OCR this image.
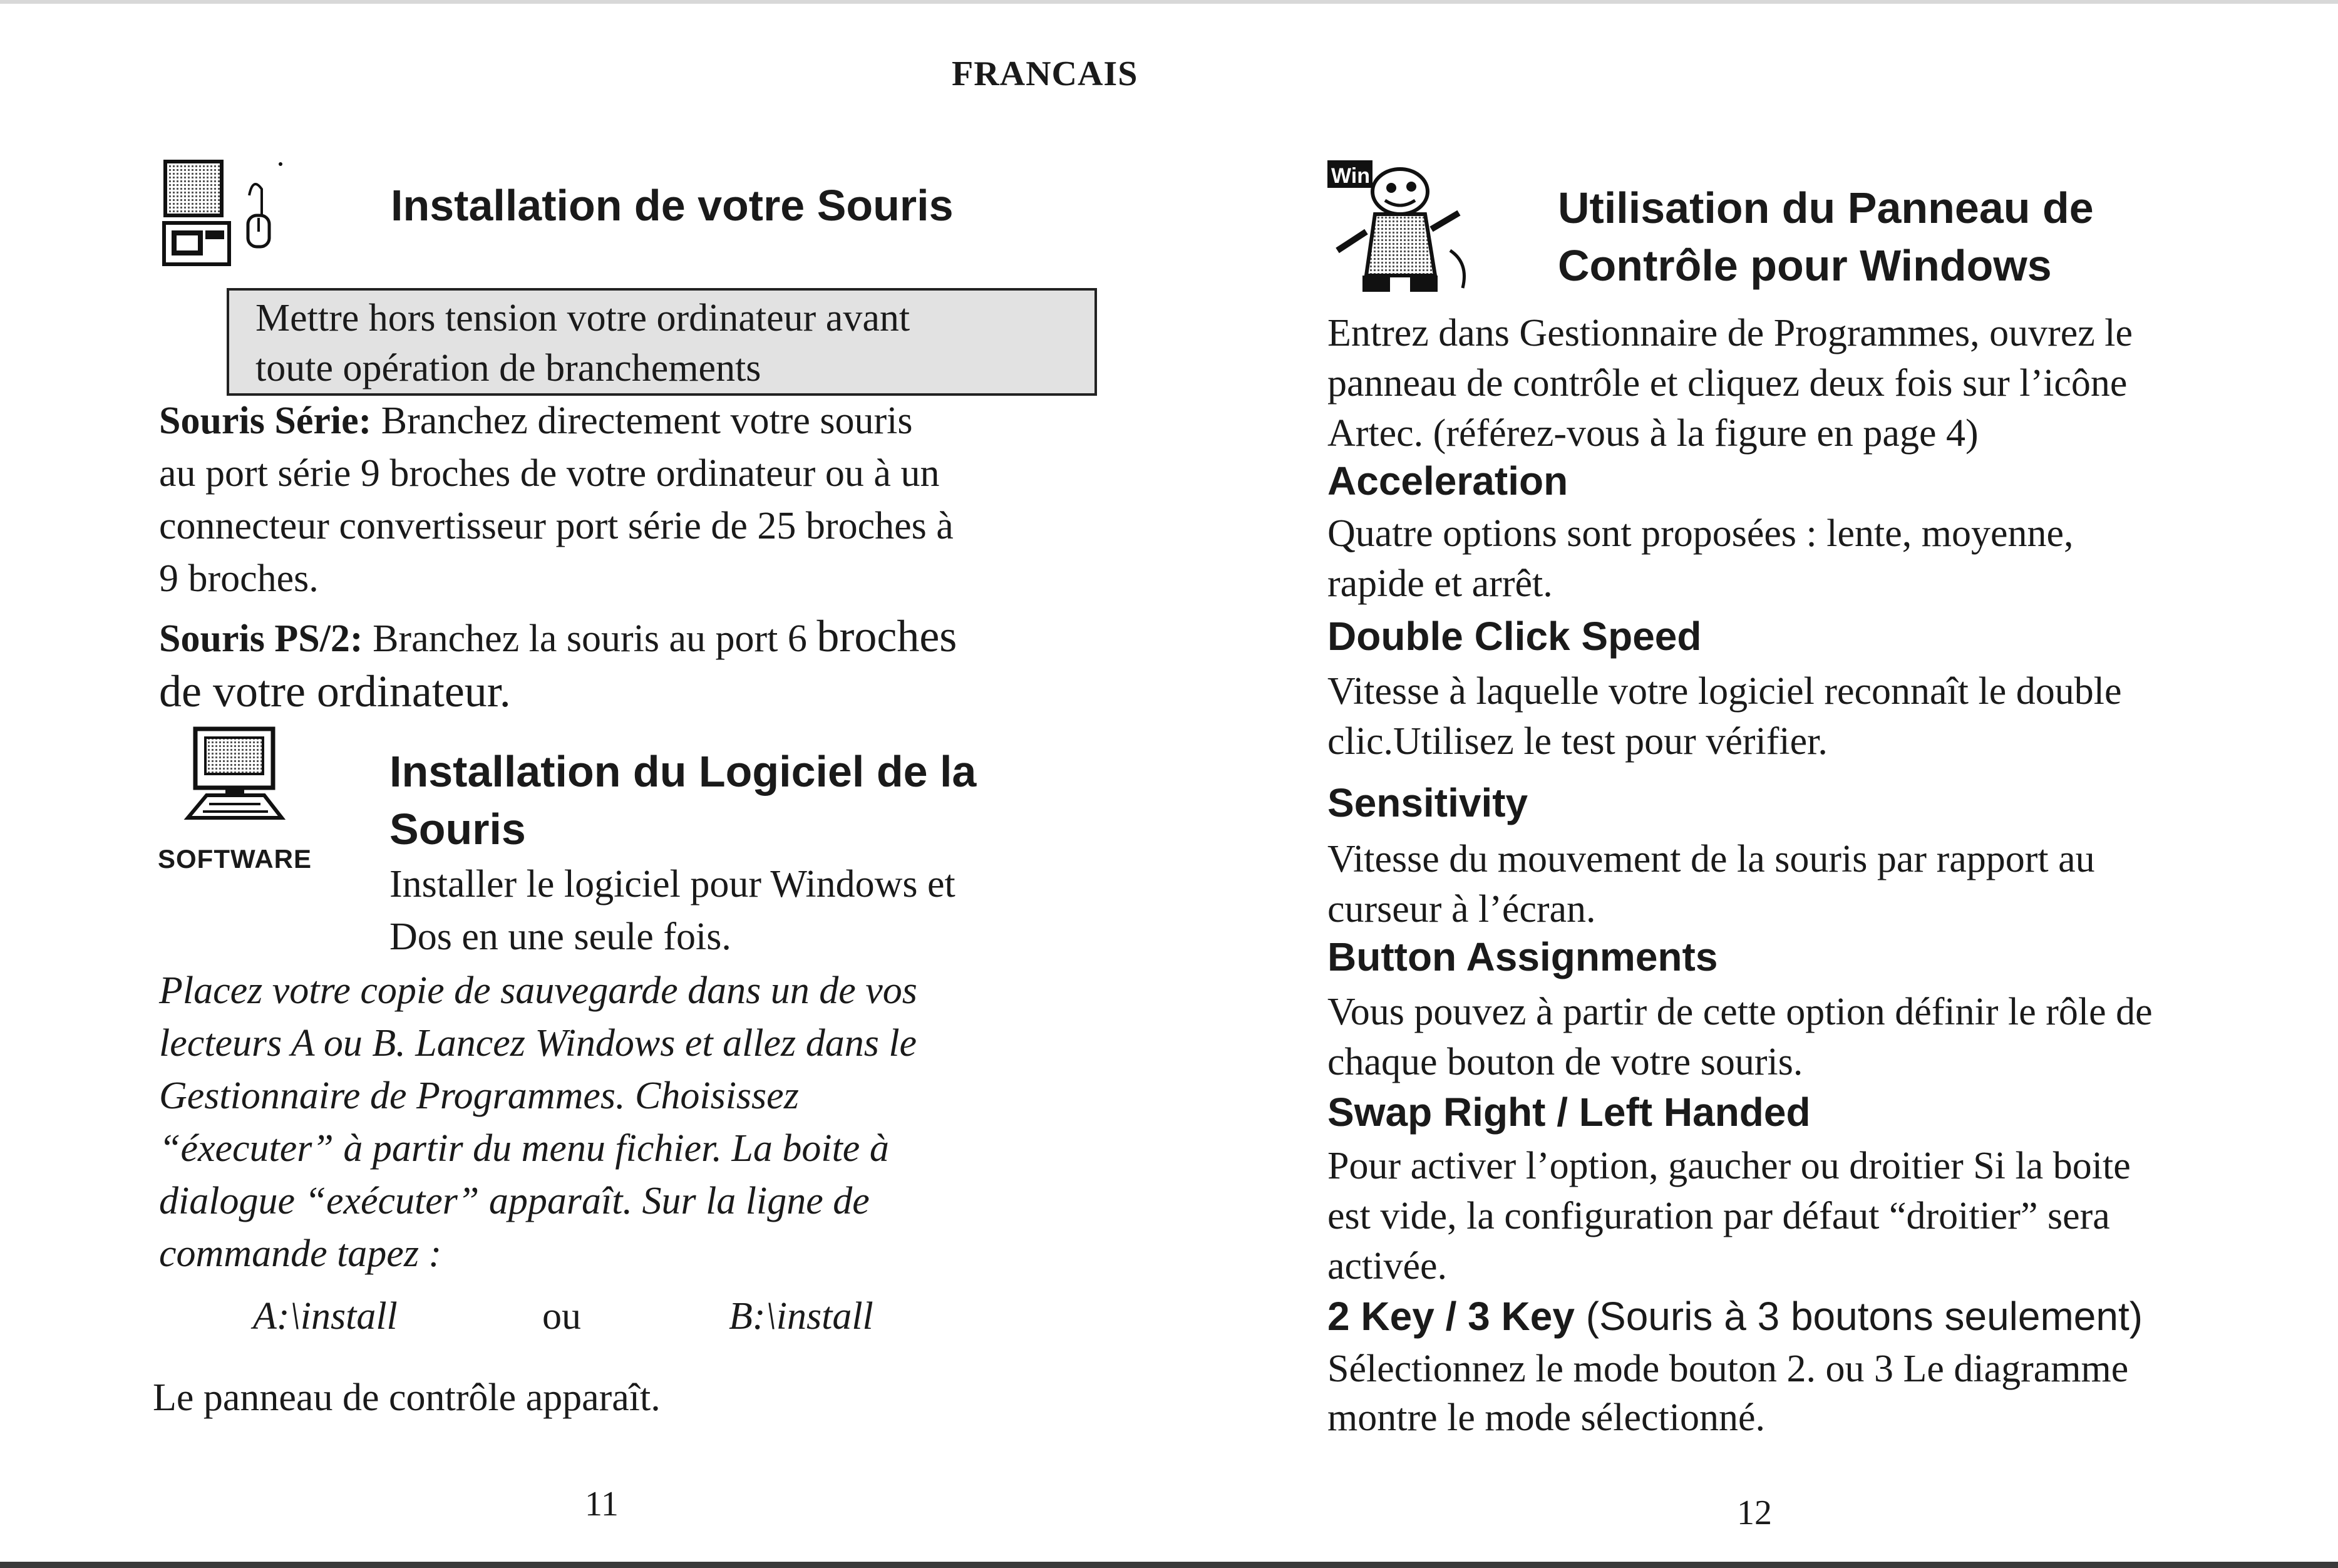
FRANCAIS
Installation de votre Souris
Mettre hors tension votre ordinateur avant
toute opération de branchements
Souris Série: Branchez directement votre souris
au port série 9 broches de votre ordinateur ou à un
connecteur convertisseur port série de 25 broches à
9 broches.
Souris PS/2: Branchez la souris au port 6 broches
de votre ordinateur.
SOFTWARE
Installation du Logiciel de la
Souris
Installer le logiciel pour Windows et
Dos en une seule fois.
Placez votre copie de sauvegarde dans un de vos
lecteurs A ou B. Lancez Windows et allez dans le
Gestionnaire de Programmes. Choisissez
“éxecuter” à partir du menu fichier. La boite à
dialogue “exécuter” apparaît. Sur la ligne de
commande tapez :
A:\install	ou	B:\install
Le panneau de contrôle apparaît.
11
Win
Utilisation du Panneau de
Contrôle pour Windows
Entrez dans Gestionnaire de Programmes, ouvrez le
panneau de contrôle et cliquez deux fois sur l’icône
Artec. (référez-vous à la figure en page 4)
Acceleration
Quatre options sont proposées : lente, moyenne,
rapide et arrêt.
Double Click Speed
Vitesse à laquelle votre logiciel reconnaît le double
clic.Utilisez le test pour vérifier.
Sensitivity
Vitesse du mouvement de la souris par rapport au
curseur à l’écran.
Button Assignments
Vous pouvez à partir de cette option définir le rôle de
chaque bouton de votre souris.
Swap Right / Left Handed
Pour activer l’option, gaucher ou droitier Si la boite
est vide, la configuration par défaut “droitier” sera
activée.
2 Key / 3 Key (Souris à 3 boutons seulement)
Sélectionnez le mode bouton 2. ou 3 Le diagramme
montre le mode sélectionné.
12
